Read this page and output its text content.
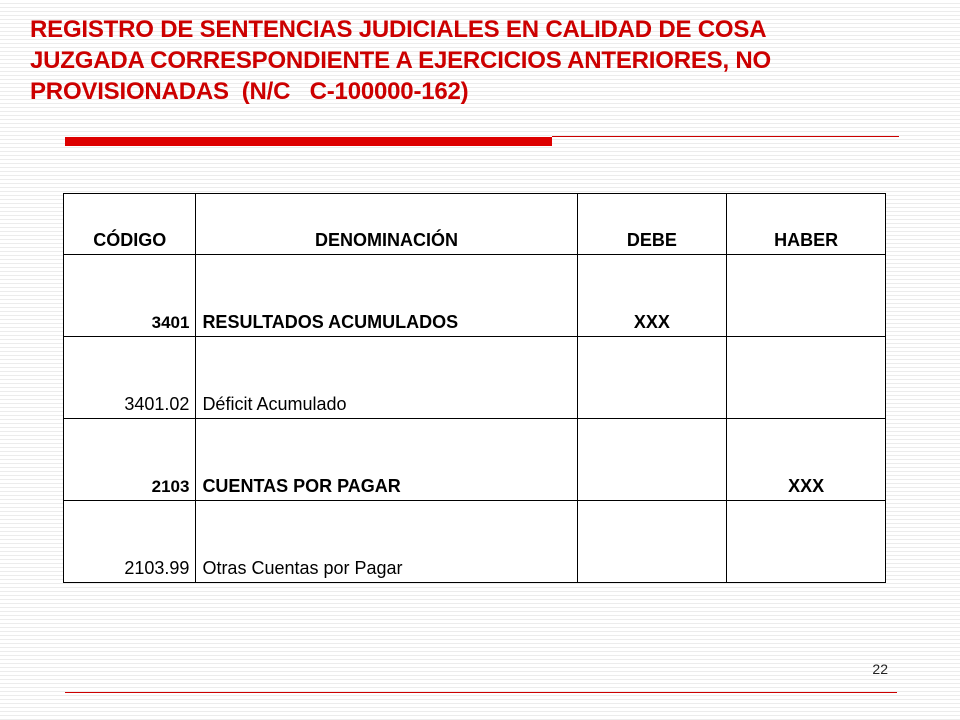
REGISTRO DE SENTENCIAS JUDICIALES EN CALIDAD DE COSA
JUZGADA CORRESPONDIENTE A EJERCICIOS ANTERIORES, NO
PROVISIONADAS  (N/C   C-100000-162)
CÓDIGO	DENOMINACIÓN	DEBE	HABER
3401	RESULTADOS ACUMULADOS	XXX	
3401.02	Déficit Acumulado		
2103	CUENTAS POR PAGAR		XXX
2103.99	Otras Cuentas por Pagar		
22
